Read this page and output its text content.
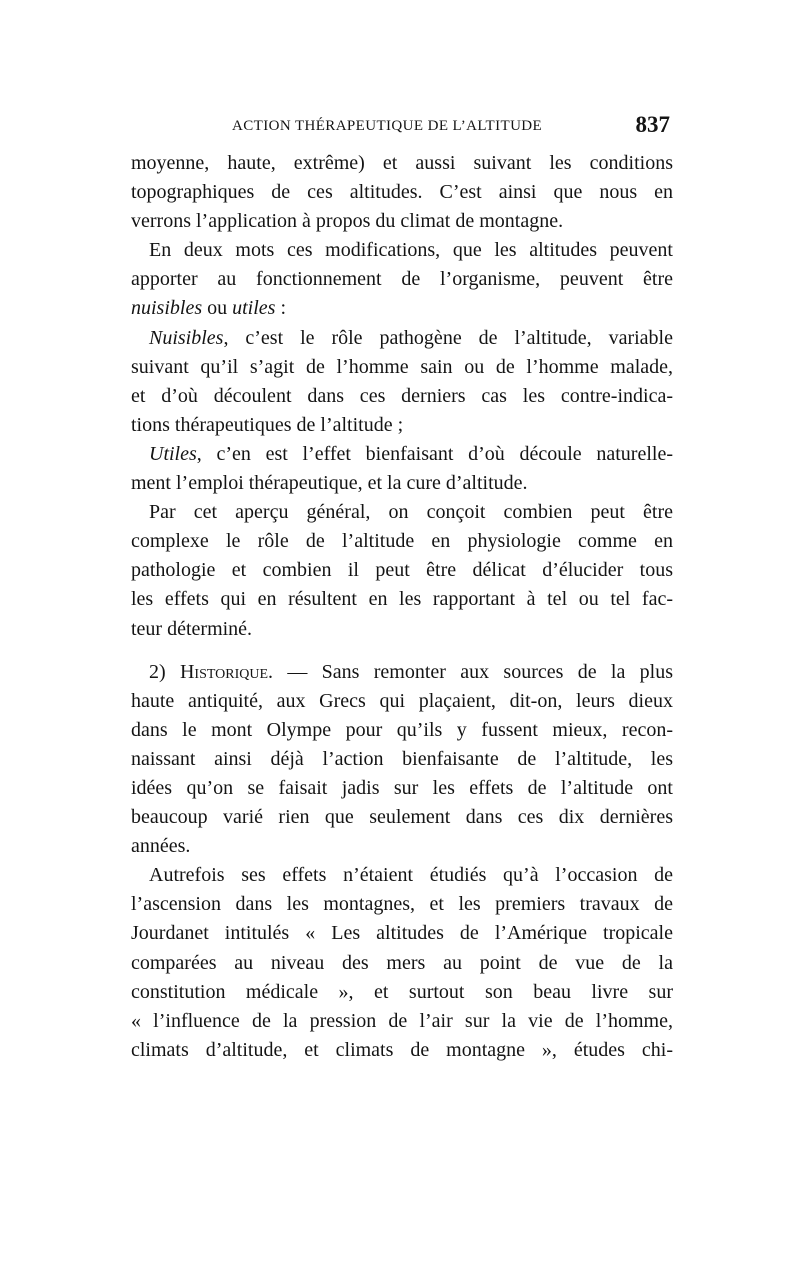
ACTION THÉRAPEUTIQUE DE L’ALTITUDE	837
moyenne, haute, extrême) et aussi suivant les conditions
topographiques de ces altitudes. C’est ainsi que nous en
verrons l’application à propos du climat de montagne.
En deux mots ces modifications, que les altitudes peuvent
apporter au fonctionnement de l’organisme, peuvent être
nuisibles ou utiles :
Nuisibles, c’est le rôle pathogène de l’altitude, variable
suivant qu’il s’agit de l’homme sain ou de l’homme malade,
et d’où découlent dans ces derniers cas les contre-indica-
tions thérapeutiques de l’altitude ;
Utiles, c’en est l’effet bienfaisant d’où découle naturelle-
ment l’emploi thérapeutique, et la cure d’altitude.
Par cet aperçu général, on conçoit combien peut être
complexe le rôle de l’altitude en physiologie comme en
pathologie et combien il peut être délicat d’élucider tous
les effets qui en résultent en les rapportant à tel ou tel fac-
teur déterminé.
2) Historique. — Sans remonter aux sources de la plus
haute antiquité, aux Grecs qui plaçaient, dit-on, leurs dieux
dans le mont Olympe pour qu’ils y fussent mieux, recon-
naissant ainsi déjà l’action bienfaisante de l’altitude, les
idées qu’on se faisait jadis sur les effets de l’altitude ont
beaucoup varié rien que seulement dans ces dix dernières
années.
Autrefois ses effets n’étaient étudiés qu’à l’occasion de
l’ascension dans les montagnes, et les premiers travaux de
Jourdanet intitulés « Les altitudes de l’Amérique tropicale
comparées au niveau des mers au point de vue de la
constitution médicale », et surtout son beau livre sur
« l’influence de la pression de l’air sur la vie de l’homme,
climats d’altitude, et climats de montagne », études chi-
